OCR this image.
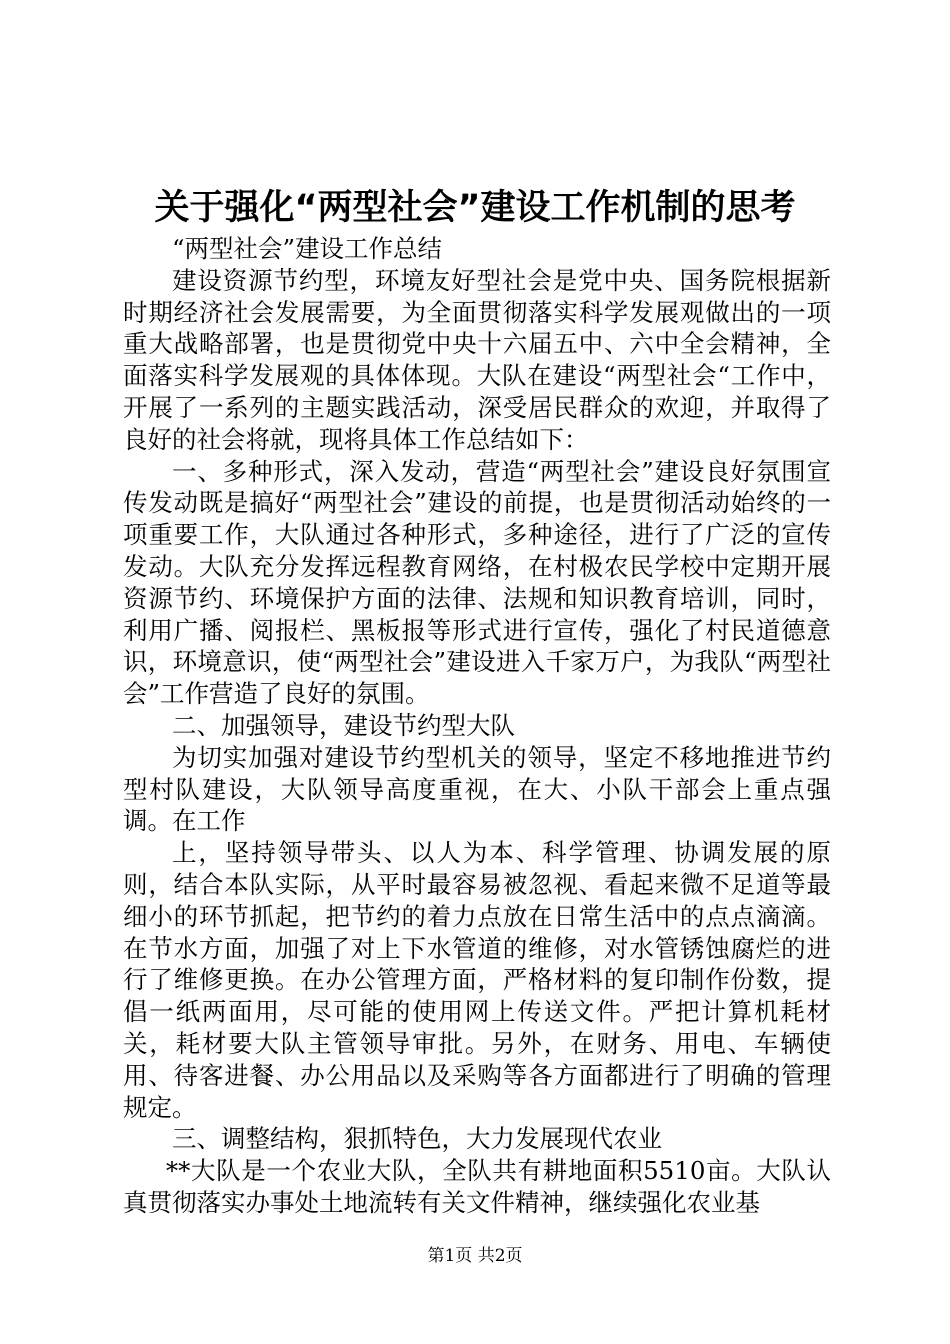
关于强化“两型社会”建设工作机制的思考

“两型社会”建设工作总结

建设资源节约型，环境友好型社会是党中央、国务院根据新时期经济社会发展需要，为全面贯彻落实科学发展观做出的一项重大战略部署，也是贯彻党中央十六届五中、六中全会精神，全面落实科学发展观的具体体现。大队在建设“两型社会“工作中，开展了一系列的主题实践活动，深受居民群众的欢迎，并取得了良好的社会将就，现将具体工作总结如下：

一、多种形式，深入发动，营造“两型社会”建设良好氛围宣传发动既是搞好“两型社会”建设的前提，也是贯彻活动始终的一项重要工作，大队通过各种形式，多种途径，进行了广泛的宣传发动。大队充分发挥远程教育网络，在村极农民学校中定期开展资源节约、环境保护方面的法律、法规和知识教育培训，同时，利用广播、阅报栏、黑板报等形式进行宣传，强化了村民道德意识，环境意识，使“两型社会”建设进入千家万户，为我队“两型社会”工作营造了良好的氛围。

二、加强领导，建设节约型大队

为切实加强对建设节约型机关的领导，坚定不移地推进节约型村队建设，大队领导高度重视，在大、小队干部会上重点强调。在工作

上，坚持领导带头、以人为本、科学管理、协调发展的原则，结合本队实际，从平时最容易被忽视、看起来微不足道等最细小的环节抓起，把节约的着力点放在日常生活中的点点滴滴。在节水方面，加强了对上下水管道的维修，对水管锈蚀腐烂的进行了维修更换。在办公管理方面，严格材料的复印制作份数，提倡一纸两面用，尽可能的使用网上传送文件。严把计算机耗材关，耗材要大队主管领导审批。另外，在财务、用电、车辆使用、待客进餐、办公用品以及采购等各方面都进行了明确的管理规定。

三、调整结构，狠抓特色，大力发展现代农业

**大队是一个农业大队，全队共有耕地面积5510亩。大队认真贯彻落实办事处土地流转有关文件精神，继续强化农业基

第1页 共2页
